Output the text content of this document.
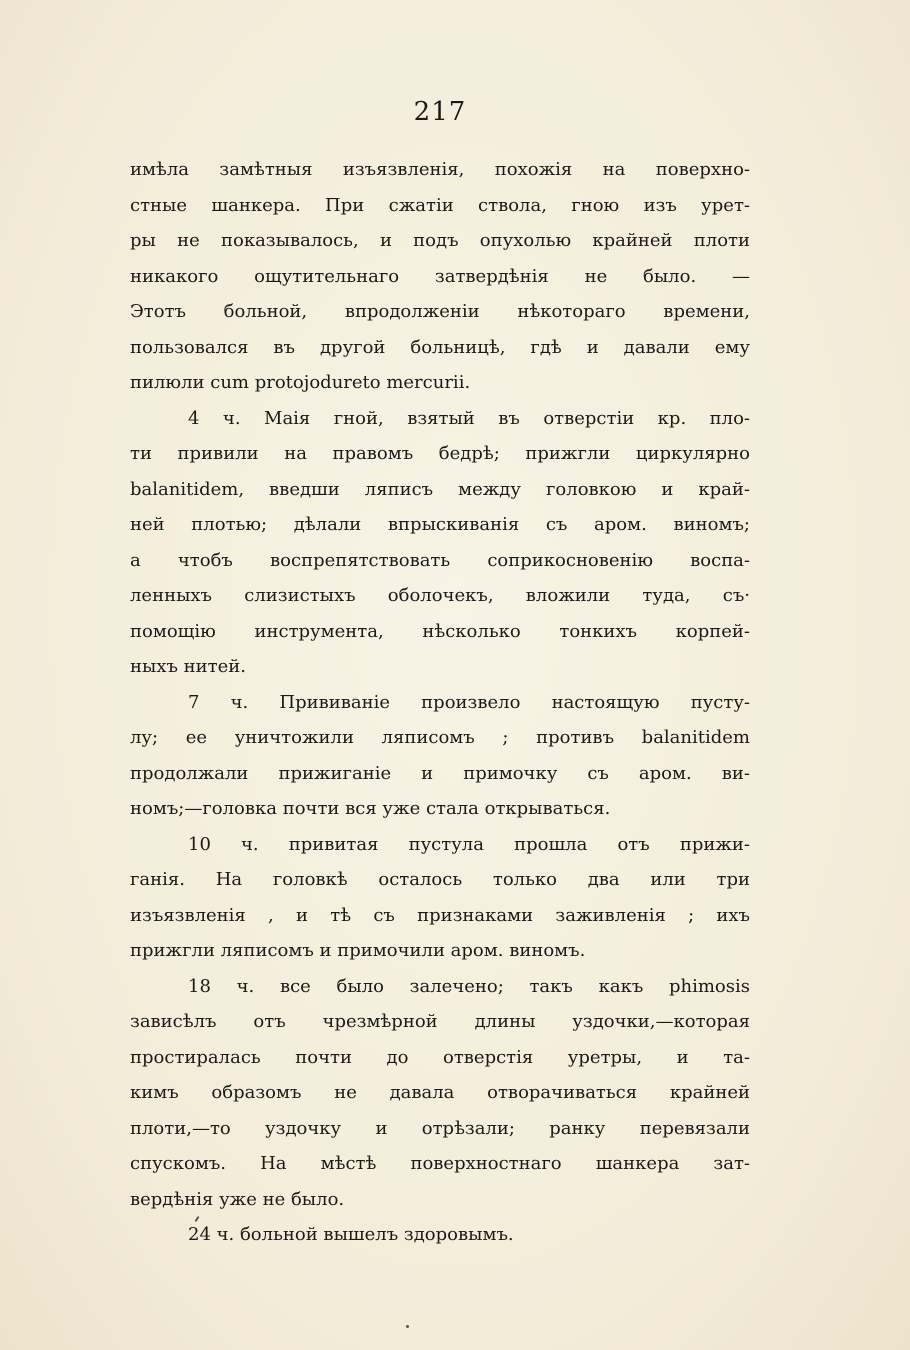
217
имѣла замѣтныя изъязвленія, похожія на поверхно-
стные шанкера. При сжатіи ствола, гною изъ урет-
ры не показывалось, и подъ опухолью крайней плоти
никакого ощутительнаго затвердѣнія не было. —
Этотъ больной, впродолженіи нѣкотораго времени,
пользовался въ другой больницѣ, гдѣ и давали ему
пилюли cum protojodureto mercurii.
4 ч. Маія гной, взятый въ отверстіи кр. пло-
ти привили на правомъ бедрѣ; прижгли циркулярно
balanitidem, введши ляписъ между головкою и край-
ней плотью; дѣлали впрыскиванія съ ар͏ом. виномъ;
а чтобъ воспрепятствовать соприкосновенію воспа-
ленныхъ слизистыхъ оболочекъ, вложили туда, съ·
помощію инструмента, нѣсколько тонкихъ корпей-
ныхъ нитей.
7 ч. Прививаніе произвело настоящую пусту-
лу; ее уничтожили ляписомъ ; противъ balanitidem
продолжали прижиганіе и примочку съ ар͏ом. ви-
номъ;—головка почти вся уже стала открываться.
10 ч. привитая пустула прошла отъ прижи-
ганія. На головкѣ осталось только два или три
изъязвленія , и тѣ съ признаками заживленія ; ихъ
прижгли ляписомъ и примочили ар͏ом. виномъ.
18 ч. все было залечено; такъ какъ phimosis
зависѣлъ отъ чрезмѣрной длины уздочки,—которая
простиралась почти до отверстія уретры, и та-
кимъ образомъ не давала отворачиваться крайней
плоти,—то уздочку и отрѣзали; ранку перевязали
спускомъ. На мѣстѣ поверхностнаго шанкера зат-
вердѣнія уже не было.
24 ч. больной вышелъ здоровымъ.
